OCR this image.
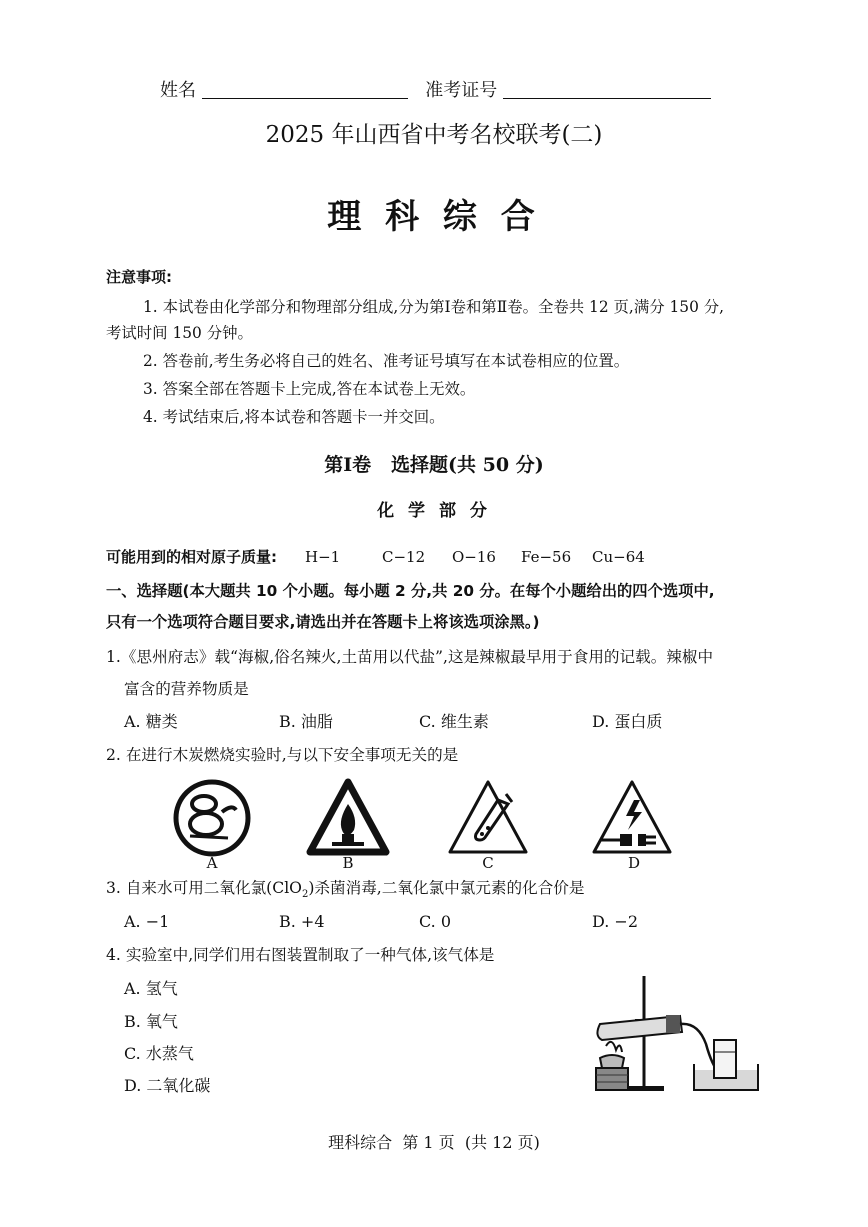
姓名	准考证号
2025 年山西省中考名校联考(二)
理 科 综 合
注意事项:
1. 本试卷由化学部分和物理部分组成,分为第Ⅰ卷和第Ⅱ卷。全卷共 12 页,满分 150 分,
考试时间 150 分钟。
2. 答卷前,考生务必将自己的姓名、准考证号填写在本试卷相应的位置。
3. 答案全部在答题卡上完成,答在本试卷上无效。
4. 考试结束后,将本试卷和答题卡一并交回。
第Ⅰ卷   选择题(共 50 分)
化 学 部 分
可能用到的相对原子质量: H−1	C−12 O−16 Fe−56 Cu−64
一、选择题(本大题共 10 个小题。每小题 2 分,共 20 分。在每个小题给出的四个选项中,
只有一个选项符合题目要求,请选出并在答题卡上将该选项涂黑。)
1.《思州府志》载“海椒,俗名辣火,土苗用以代盐”,这是辣椒最早用于食用的记载。辣椒中
富含的营养物质是
A. 糖类	B. 油脂	C. 维生素	D. 蛋白质
2. 在进行木炭燃烧实验时,与以下安全事项无关的是
A	B	C	D
3. 自来水可用二氧化氯(ClO$_2$)杀菌消毒,二氧化氯中氯元素的化合价是
A. −1	B. +4	C. 0	D. −2
4. 实验室中,同学们用右图装置制取了一种气体,该气体是
A. 氢气
B. 氧气
C. 水蒸气
D. 二氧化碳
理科综合  第 1 页  (共 12 页)
